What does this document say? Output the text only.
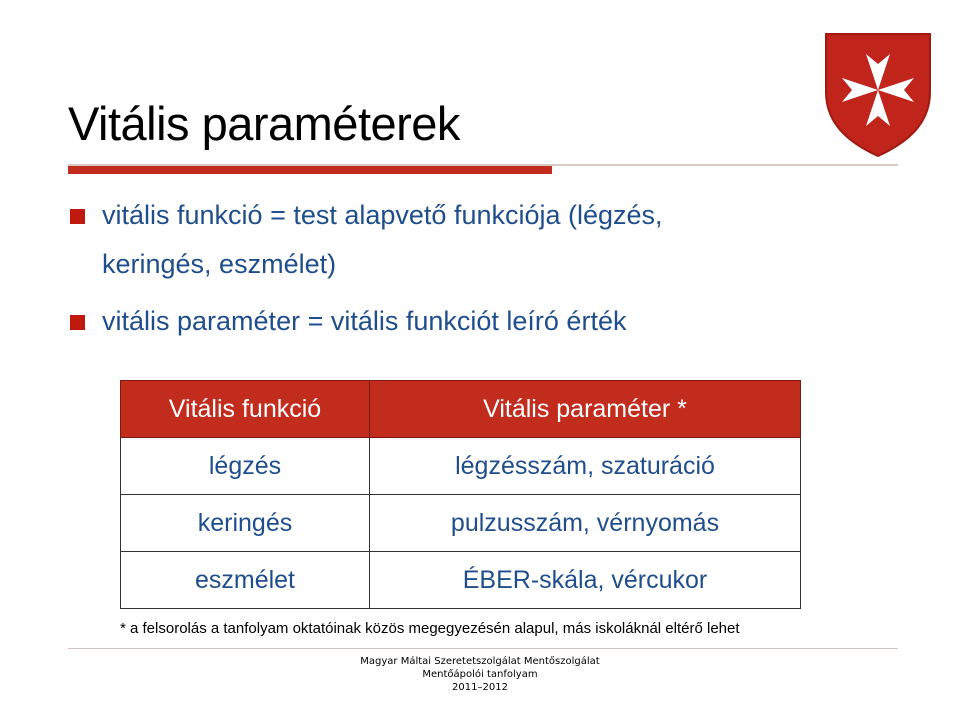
Vitális paraméterek
vitális funkció = test alapvető funkciója (légzés,
keringés, eszmélet)
vitális paraméter = vitális funkciót leíró érték
Vitális funkció	Vitális paraméter *
légzés	légzésszám, szaturáció
keringés	pulzusszám, vérnyomás
eszmélet	ÉBER-skála, vércukor
* a felsorolás a tanfolyam oktatóinak közös megegyezésén alapul, más iskoláknál eltérő lehet
Magyar Máltai Szeretetszolgálat Mentőszolgálat
Mentőápolói tanfolyam
2011–2012
